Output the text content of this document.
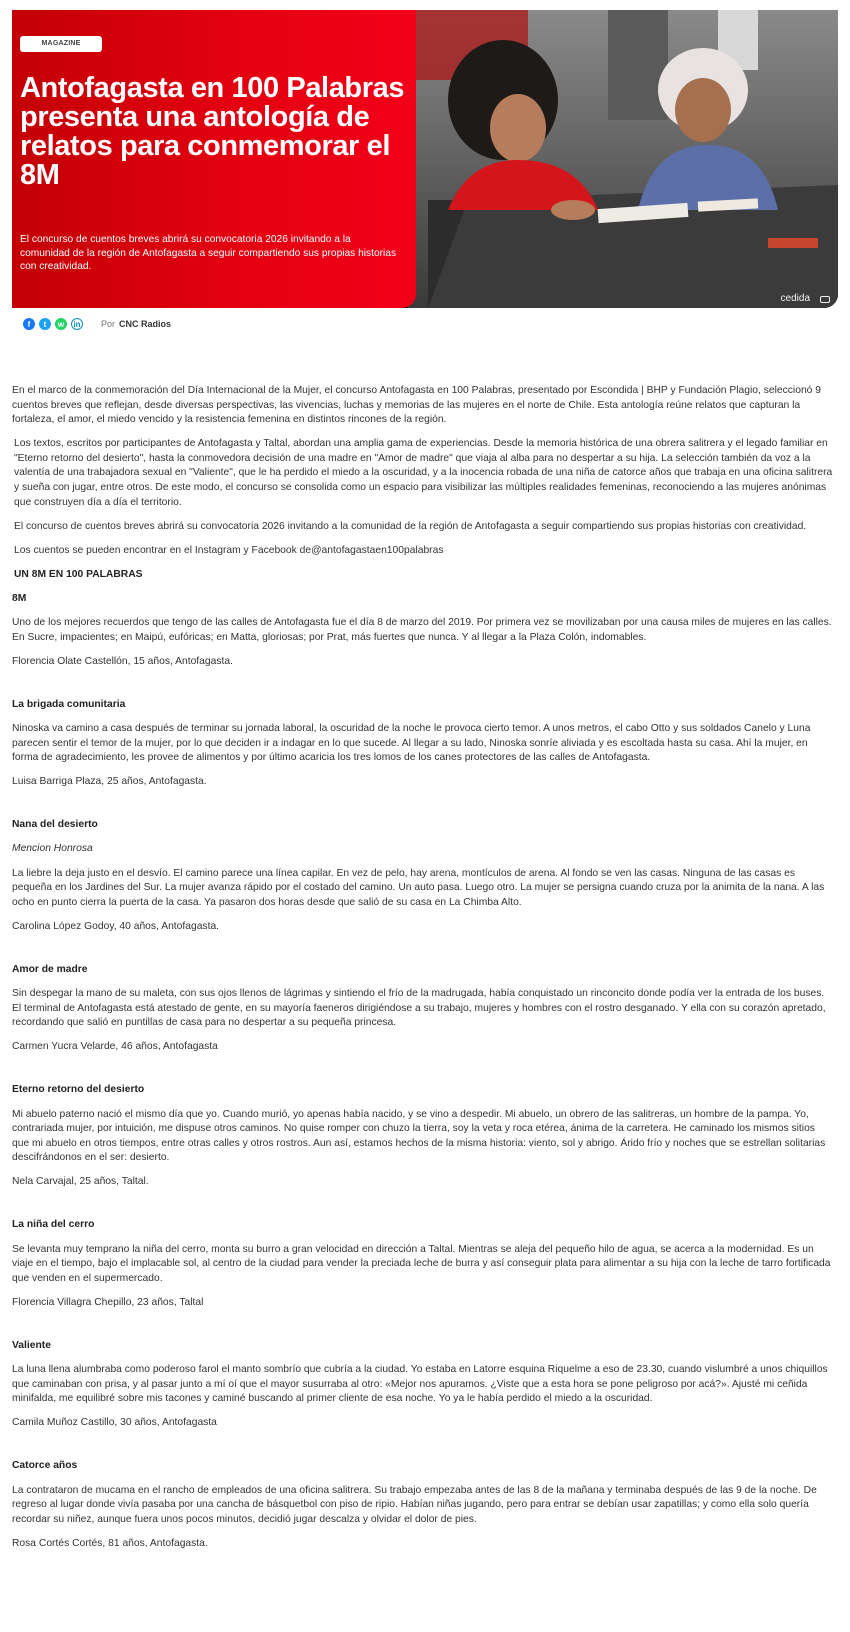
MAGAZINE
Antofagasta en 100 Palabras presenta una antología de relatos para conmemorar el 8M

El concurso de cuentos breves abrirá su convocatoria 2026 invitando a la comunidad de la región de Antofagasta a seguir compartiendo sus propias historias con creatividad.

cedida
f	t	w	in Por CNC Radios

En el marco de la conmemoración del Día Internacional de la Mujer, el concurso Antofagasta en 100 Palabras, presentado por Escondida | BHP y Fundación Plagio, seleccionó 9 cuentos breves que reflejan, desde diversas perspectivas, las vivencias, luchas y memorias de las mujeres en el norte de Chile. Esta antología reúne relatos que capturan la fortaleza, el amor, el miedo vencido y la resistencia femenina en distintos rincones de la región.

Los textos, escritos por participantes de Antofagasta y Taltal, abordan una amplia gama de experiencias. Desde la memoria histórica de una obrera salitrera y el legado familiar en "Eterno retorno del desierto", hasta la conmovedora decisión de una madre en "Amor de madre" que viaja al alba para no despertar a su hija. La selección también da voz a la valentía de una trabajadora sexual en "Valiente", que le ha perdido el miedo a la oscuridad, y a la inocencia robada de una niña de catorce años que trabaja en una oficina salitrera y sueña con jugar, entre otros. De este modo, el concurso se consolida como un espacio para visibilizar las múltiples realidades femeninas, reconociendo a las mujeres anónimas que construyen día a día el territorio.

El concurso de cuentos breves abrirá su convocatoria 2026 invitando a la comunidad de la región de Antofagasta a seguir compartiendo sus propias historias con creatividad.

Los cuentos se pueden encontrar en el Instagram y Facebook de@antofagastaen100palabras

UN 8M EN 100 PALABRAS

8M

Uno de los mejores recuerdos que tengo de las calles de Antofagasta fue el día 8 de marzo del 2019. Por primera vez se movilizaban por una causa miles de mujeres en las calles. En Sucre, impacientes; en Maipú, eufóricas; en Matta, gloriosas; por Prat, más fuertes que nunca. Y al llegar a la Plaza Colón, indomables.

Florencia Olate Castellón, 15 años, Antofagasta.

La brigada comunitaria

Ninoska va camino a casa después de terminar su jornada laboral, la oscuridad de la noche le provoca cierto temor. A unos metros, el cabo Otto y sus soldados Canelo y Luna parecen sentir el temor de la mujer, por lo que deciden ir a indagar en lo que sucede. Al llegar a su lado, Ninoska sonríe aliviada y es escoltada hasta su casa. Ahí la mujer, en forma de agradecimiento, les provee de alimentos y por último acaricia los tres lomos de los canes protectores de las calles de Antofagasta.

Luisa Barriga Plaza, 25 años, Antofagasta.

Nana del desierto

Mencion Honrosa

La liebre la deja justo en el desvío. El camino parece una línea capilar. En vez de pelo, hay arena, montículos de arena. Al fondo se ven las casas. Ninguna de las casas es pequeña en los Jardines del Sur. La mujer avanza rápido por el costado del camino. Un auto pasa. Luego otro. La mujer se persigna cuando cruza por la animita de la nana. A las ocho en punto cierra la puerta de la casa. Ya pasaron dos horas desde que salió de su casa en La Chimba Alto.

Carolina López Godoy, 40 años, Antofagasta.

Amor de madre

Sin despegar la mano de su maleta, con sus ojos llenos de lágrimas y sintiendo el frío de la madrugada, había conquistado un rinconcito donde podía ver la entrada de los buses. El terminal de Antofagasta está atestado de gente, en su mayoría faeneros dirigiéndose a su trabajo, mujeres y hombres con el rostro desganado. Y ella con su corazón apretado, recordando que salió en puntillas de casa para no despertar a su pequeña princesa.

Carmen Yucra Velarde, 46 años, Antofagasta

Eterno retorno del desierto

Mi abuelo paterno nació el mismo día que yo. Cuando murió, yo apenas había nacido, y se vino a despedir. Mi abuelo, un obrero de las salitreras, un hombre de la pampa. Yo, contrariada mujer, por intuición, me dispuse otros caminos. No quise romper con chuzo la tierra, soy la veta y roca etérea, ánima de la carretera. He caminado los mismos sitios que mi abuelo en otros tiempos, entre otras calles y otros rostros. Aun así, estamos hechos de la misma historia: viento, sol y abrigo. Árido frío y noches que se estrellan solitarias descifrándonos en el ser: desierto.

Nela Carvajal, 25 años, Taltal.

La niña del cerro

Se levanta muy temprano la niña del cerro, monta su burro a gran velocidad en dirección a Taltal. Mientras se aleja del pequeño hilo de agua, se acerca a la modernidad. Es un viaje en el tiempo, bajo el implacable sol, al centro de la ciudad para vender la preciada leche de burra y así conseguir plata para alimentar a su hija con la leche de tarro fortificada que venden en el supermercado.

Florencia Villagra Chepillo, 23 años, Taltal

Valiente

La luna llena alumbraba como poderoso farol el manto sombrío que cubría a la ciudad. Yo estaba en Latorre esquina Riquelme a eso de 23.30, cuando vislumbré a unos chiquillos que caminaban con prisa, y al pasar junto a mí oí que el mayor susurraba al otro: «Mejor nos apuramos. ¿Viste que a esta hora se pone peligroso por acá?». Ajusté mi ceñida minifalda, me equilibré sobre mis tacones y caminé buscando al primer cliente de esa noche. Yo ya le había perdido el miedo a la oscuridad.

Camila Muñoz Castillo, 30 años, Antofagasta

Catorce años

La contrataron de mucama en el rancho de empleados de una oficina salitrera. Su trabajo empezaba antes de las 8 de la mañana y terminaba después de las 9 de la noche. De regreso al lugar donde vivía pasaba por una cancha de básquetbol con piso de ripio. Habían niñas jugando, pero para entrar se debían usar zapatillas; y como ella solo quería recordar su niñez, aunque fuera unos pocos minutos, decidió jugar descalza y olvidar el dolor de pies.

Rosa Cortés Cortés, 81 años, Antofagasta.
